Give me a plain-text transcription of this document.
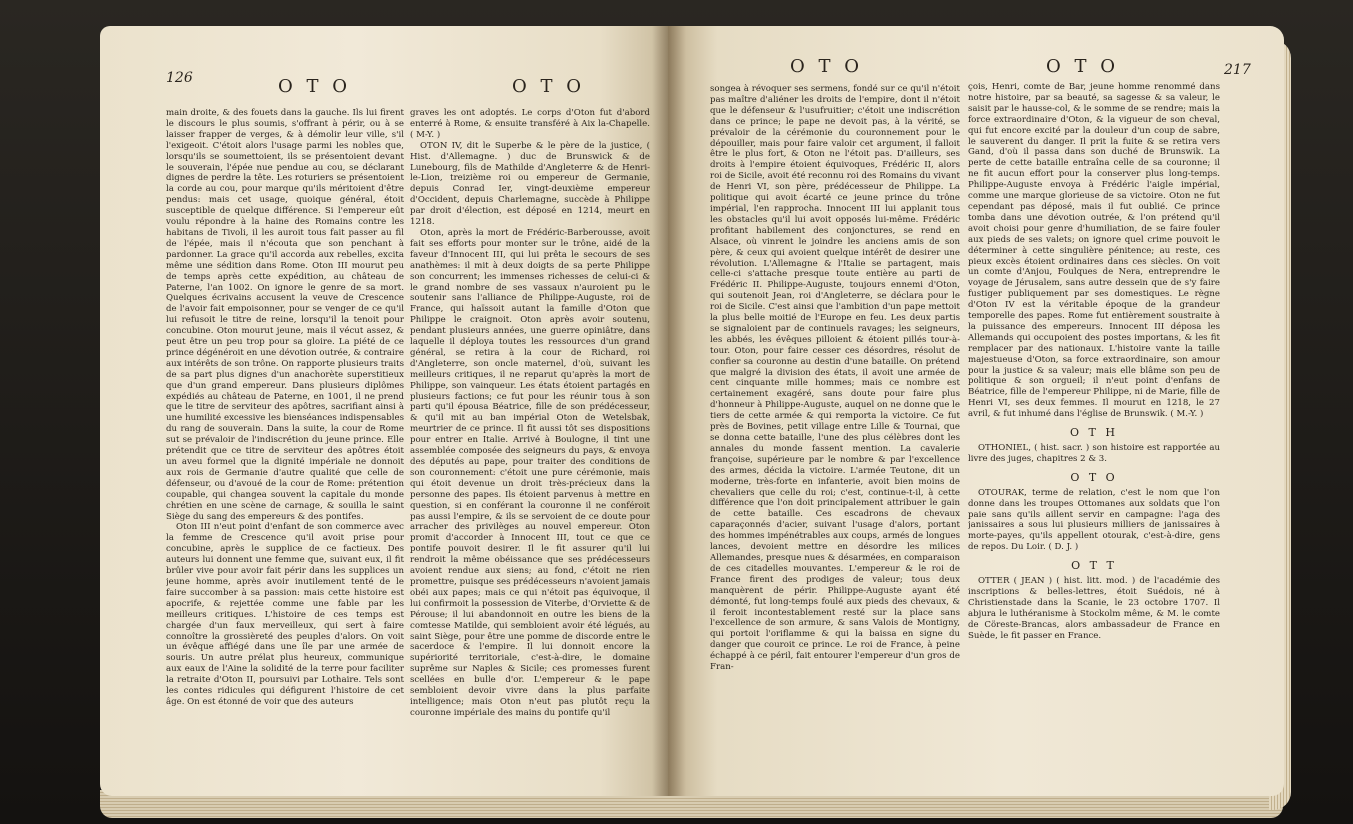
126	O T O	O T O

main droite, & des fouets dans la gauche. Ils lui firent le discours le plus soumis, s'offrant à périr, ou à se laisser frapper de verges, & à démolir leur ville, s'il l'exigeoit. C'étoit alors l'usage parmi les nobles que, lorsqu'ils se soumettoient, ils se présentoient devant le souverain, l'épée nue pendue au cou, se déclarant dignes de perdre la tête. Les roturiers se présentoient la corde au cou, pour marque qu'ils méritoient d'être pendus: mais cet usage, quoique général, étoit susceptible de quelque différence. Si l'empereur eût voulu répondre à la haine des Romains contre les habitans de Tivoli, il les auroit tous fait passer au fil de l'épée, mais il n'écouta que son penchant à pardonner. La grace qu'il accorda aux rebelles, excita même une sédition dans Rome. Oton III mourut peu de temps après cette expédition, au château de Paterne, l'an 1002. On ignore le genre de sa mort. Quelques écrivains accusent la veuve de Crescence de l'avoir fait empoisonner, pour se venger de ce qu'il lui refusoit le titre de reine, lorsqu'il la tenoit pour concubine. Oton mourut jeune, mais il vécut assez, & peut être un peu trop pour sa gloire. La piété de ce prince dégénéroit en une dévotion outrée, & contraire aux intérêts de son trône. On rapporte plusieurs traits de sa part plus dignes d'un anachorète superstitieux que d'un grand empereur. Dans plusieurs diplômes expédiés au château de Paterne, en 1001, il ne prend que le titre de serviteur des apôtres, sacrifiant ainsi à une humilité excessive les bienséances indispensables du rang de souverain. Dans la suite, la cour de Rome sut se prévaloir de l'indiscrétion du jeune prince. Elle prétendit que ce titre de serviteur des apôtres étoit un aveu formel que la dignité impériale ne donnoit aux rois de Germanie d'autre qualité que celle de défenseur, ou d'avoué de la cour de Rome: prétention coupable, qui changea souvent la capitale du monde chrétien en une scène de carnage, & souilla le saint Siège du sang des empereurs & des pontifes.

Oton III n'eut point d'enfant de son commerce avec la femme de Crescence qu'il avoit prise pour concubine, après le supplice de ce factieux. Des auteurs lui donnent une femme que, suivant eux, il fit brûler vive pour avoir fait périr dans les supplices un jeune homme, après avoir inutilement tenté de le faire succomber à sa passion: mais cette histoire est apocrife, & rejettée comme une fable par les meilleurs critiques. L'histoire de ces temps est chargée d'un faux merveilleux, qui sert à faire connoître la grossièreté des peuples d'alors. On voit un évêque affiégé dans une île par une armée de souris. Un autre prélat plus heureux, communique aux eaux de l'Aine la solidité de la terre pour faciliter la retraite d'Oton II, poursuivi par Lothaire. Tels sont les contes ridicules qui défigurent l'histoire de cet âge. On est étonné de voir que des auteurs

graves les ont adoptés. Le corps d'Oton fut d'abord enterré à Rome, & ensuite transféré à Aix la-Chapelle. ( M-Y. )

OTON IV, dit le Superbe & le père de la justice, ( Hist. d'Allemagne. ) duc de Brunswick & de Lunebourg, fils de Mathilde d'Angleterre & de Henri-le-Lion, treizième roi ou empereur de Germanie, depuis Conrad Ier, vingt-deuxième empereur d'Occident, depuis Charlemagne, succède à Philippe par droit d'élection, est déposé en 1214, meurt en 1218.

Oton, après la mort de Frédéric-Barberousse, avoit fait ses efforts pour monter sur le trône, aidé de la faveur d'Innocent III, qui lui prêta le secours de ses anathèmes: il mit à deux doigts de sa perte Philippe son concurrent; les immenses richesses de celui-ci & le grand nombre de ses vassaux n'auroient pu le soutenir sans l'alliance de Philippe-Auguste, roi de France, qui haïssoit autant la famille d'Oton que Philippe le craignoit. Oton après avoir soutenu, pendant plusieurs années, une guerre opiniâtre, dans laquelle il déploya toutes les ressources d'un grand général, se retira à la cour de Richard, roi d'Angleterre, son oncle maternel, d'où, suivant les meilleurs critiques, il ne reparut qu'après la mort de Philippe, son vainqueur. Les états étoient partagés en plusieurs factions; ce fut pour les réunir tous à son parti qu'il épousa Béatrice, fille de son prédécesseur, & qu'il mit au ban impérial Oton de Wetelsbak, meurtrier de ce prince. Il fit aussi tôt ses dispositions pour entrer en Italie. Arrivé à Boulogne, il tint une assemblée composée des seigneurs du pays, & envoya des députés au pape, pour traiter des conditions de son couronnement: c'étoit une pure cérémonie, mais qui étoit devenue un droit très-précieux dans la personne des papes. Ils étoient parvenus à mettre en question, si en conférant la couronne il ne conféroit pas aussi l'empire, & ils se servoient de ce doute pour arracher des privilèges au nouvel empereur. Oton promit d'accorder à Innocent III, tout ce que ce pontife pouvoit desirer. Il le fit assurer qu'il lui rendroit la même obéissance que ses prédécesseurs avoient rendue aux siens; au fond, c'étoit ne rien promettre, puisque ses prédécesseurs n'avoient jamais obéi aux papes; mais ce qui n'étoit pas équivoque, il lui confirmoit la possession de Viterbe, d'Orviette & de Pérouse; il lui abandonnoit en outre les biens de la comtesse Matilde, qui sembloient avoir été légués, au saint Siège, pour être une pomme de discorde entre le sacerdoce & l'empire. Il lui donnoit encore la supériorité territoriale, c'est-à-dire, le domaine suprême sur Naples & Sicile; ces promesses furent scellées en bulle d'or. L'empereur & le pape sembloient devoir vivre dans la plus parfaite intelligence; mais Oton n'eut pas plutôt reçu la couronne impériale des mains du pontife qu'il

O T O	O T O	217

songea à révoquer ses sermens, fondé sur ce qu'il n'étoit pas maître d'aliéner les droits de l'empire, dont il n'étoit que le défenseur & l'usufruitier; c'étoit une indiscrétion dans ce prince; le pape ne devoit pas, à la vérité, se prévaloir de la cérémonie du couronnement pour le dépouiller, mais pour faire valoir cet argument, il falloit être le plus fort, & Oton ne l'étoit pas. D'ailleurs, ses droits à l'empire étoient équivoques, Frédéric II, alors roi de Sicile, avoit été reconnu roi des Romains du vivant de Henri VI, son père, prédécesseur de Philippe. La politique qui avoit écarté ce jeune prince du trône impérial, l'en rapprocha. Innocent III lui applanit tous les obstacles qu'il lui avoit opposés lui-même. Frédéric profitant habilement des conjonctures, se rend en Alsace, où vinrent le joindre les anciens amis de son père, & ceux qui avoient quelque intérêt de desirer une révolution. L'Allemagne & l'Italie se partagent, mais celle-ci s'attache presque toute entière au parti de Frédéric II. Philippe-Auguste, toujours ennemi d'Oton, qui soutenoit Jean, roi d'Angleterre, se déclara pour le roi de Sicile. C'est ainsi que l'ambition d'un pape mettoit la plus belle moitié de l'Europe en feu. Les deux partis se signaloient par de continuels ravages; les seigneurs, les abbés, les évêques pilloient & étoient pillés tour-à-tour. Oton, pour faire cesser ces désordres, résolut de confier sa couronne au destin d'une bataille. On prétend que malgré la division des états, il avoit une armée de cent cinquante mille hommes; mais ce nombre est certainement exagéré, sans doute pour faire plus d'honneur à Philippe-Auguste, auquel on ne donne que le tiers de cette armée & qui remporta la victoire. Ce fut près de Bovines, petit village entre Lille & Tournai, que se donna cette bataille, l'une des plus célèbres dont les annales du monde fassent mention. La cavalerie françoise, supérieure par le nombre & par l'excellence des armes, décida la victoire. L'armée Teutone, dit un moderne, très-forte en infanterie, avoit bien moins de chevaliers que celle du roi; c'est, continue-t-il, à cette différence que l'on doit principalement attribuer le gain de cette bataille. Ces escadrons de chevaux caparaçonnés d'acier, suivant l'usage d'alors, portant des hommes impénétrables aux coups, armés de longues lances, devoient mettre en désordre les milices Allemandes, presque nues & désarmées, en comparaison de ces citadelles mouvantes. L'empereur & le roi de France firent des prodiges de valeur; tous deux manquèrent de périr. Philippe-Auguste ayant été démonté, fut long-temps foulé aux pieds des chevaux, & il feroit incontestablement resté sur la place sans l'excellence de son armure, & sans Valois de Montigny, qui portoit l'oriflamme & qui la baissa en signe du danger que couroit ce prince. Le roi de France, à peine échappé à ce péril, fait entourer l'empereur d'un gros de Fran-

çois, Henri, comte de Bar, jeune homme renommé dans notre histoire, par sa beauté, sa sagesse & sa valeur, le saisit par le hausse-col, & le somme de se rendre; mais la force extraordinaire d'Oton, & la vigueur de son cheval, qui fut encore excité par la douleur d'un coup de sabre, le sauverent du danger. Il prit la fuite & se retira vers Gand, d'où il passa dans son duché de Brunswik. La perte de cette bataille entraîna celle de sa couronne; il ne fit aucun effort pour la conserver plus long-temps. Philippe-Auguste envoya à Frédéric l'aigle impérial, comme une marque glorieuse de sa victoire. Oton ne fut cependant pas déposé, mais il fut oublié. Ce prince tomba dans une dévotion outrée, & l'on prétend qu'il avoit choisi pour genre d'humiliation, de se faire fouler aux pieds de ses valets; on ignore quel crime pouvoit le déterminer à cette singulière pénitence; au reste, ces pieux excès étoient ordinaires dans ces siècles. On voit un comte d'Anjou, Foulques de Nera, entreprendre le voyage de Jérusalem, sans autre dessein que de s'y faire fustiger publiquement par ses domestiques. Le règne d'Oton IV est la véritable époque de la grandeur temporelle des papes. Rome fut entièrement soustraite à la puissance des empereurs. Innocent III déposa les Allemands qui occupoient des postes importans, & les fit remplacer par des nationaux. L'histoire vante la taille majestueuse d'Oton, sa force extraordinaire, son amour pour la justice & sa valeur; mais elle blâme son peu de politique & son orgueil; il n'eut point d'enfans de Béatrice, fille de l'empereur Philippe, ni de Marie, fille de Henri VI, ses deux femmes. Il mourut en 1218, le 27 avril, & fut inhumé dans l'église de Brunswik. ( M.-Y. )

O T H

OTHONIEL, ( hist. sacr. ) son histoire est rapportée au livre des juges, chapitres 2 & 3.

O T O

OTOURAK, terme de relation, c'est le nom que l'on donne dans les troupes Ottomanes aux soldats que l'on paie sans qu'ils aillent servir en campagne: l'aga des janissaires a sous lui plusieurs milliers de janissaires à morte-payes, qu'ils appellent otourak, c'est-à-dire, gens de repos. Du Loir. ( D. J. )

O T T

OTTER ( JEAN ) ( hist. litt. mod. ) de l'académie des inscriptions & belles-lettres, étoit Suédois, né à Christienstade dans la Scanie, le 23 octobre 1707. Il abjura le luthéranisme à Stockolm même, & M. le comte de Cöreste-Brancas, alors ambassadeur de France en Suède, le fit passer en France.
